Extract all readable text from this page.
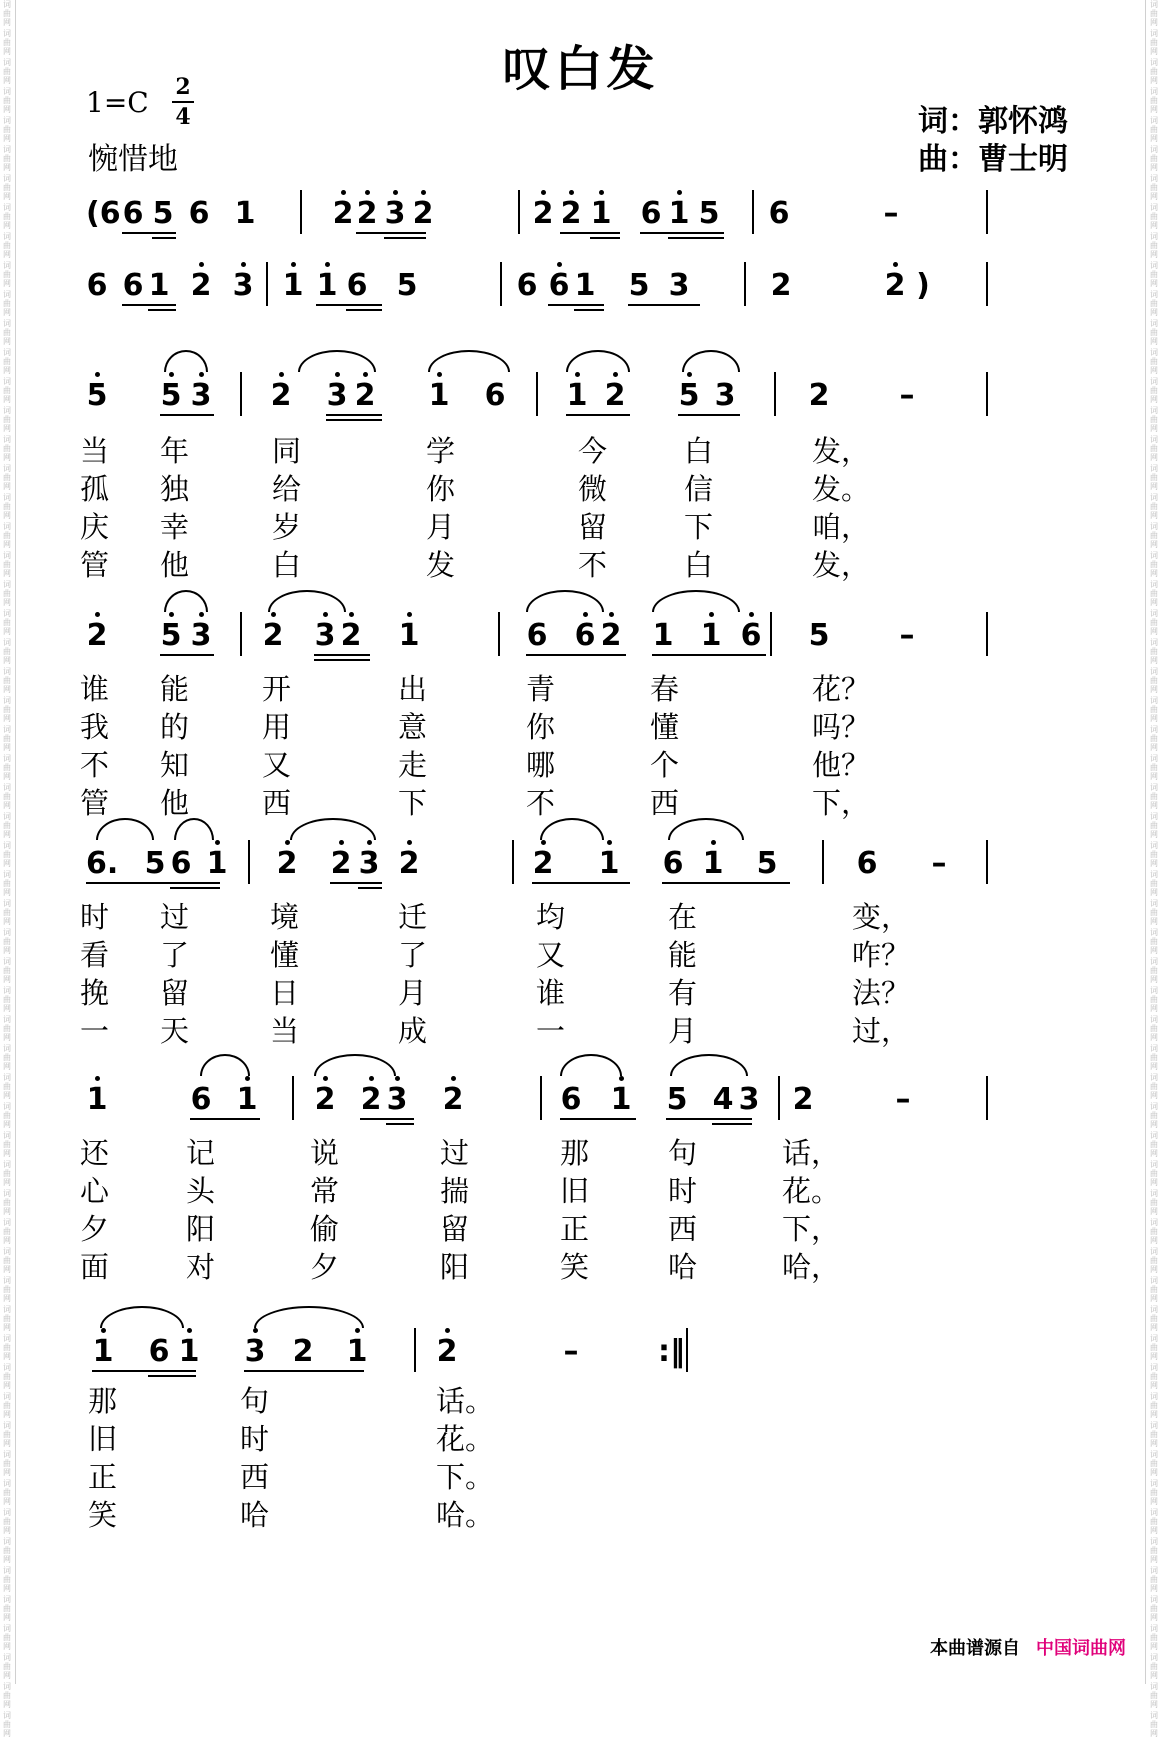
词曲网
词曲网
词曲网
词曲网
词曲网
词曲网
词曲网
词曲网
词曲网
词曲网
词曲网
词曲网
词曲网
词曲网
词曲网
词曲网
词曲网
词曲网
词曲网
词曲网
词曲网
词曲网
词曲网
词曲网
词曲网
词曲网
词曲网
词曲网
词曲网
词曲网
词曲网
词曲网
词曲网
词曲网
词曲网
词曲网
词曲网
词曲网
词曲网
词曲网
词曲网
词曲网
词曲网
词曲网
词曲网
词曲网
词曲网
词曲网
词曲网
词曲网
词曲网
词曲网
词曲网
词曲网
词曲网
词曲网
词曲网
词曲网
词曲网
词曲网
词曲网
词曲网
词曲网
词曲网
词曲网
词曲网
词曲网
词曲网
词曲网
词曲网
词曲网
词曲网
词曲网
词曲网
词曲网
词曲网
词曲网
词曲网
词曲网
词曲网
词曲网
词曲网
词曲网
词曲网
词曲网
词曲网
词曲网
词曲网
词曲网
词曲网
词曲网
词曲网
词曲网
词曲网
词曲网
词曲网
词曲网
词曲网
词曲网
词曲网
词曲网
词曲网
词曲网
词曲网
词曲网
词曲网
词曲网
词曲网
词曲网
词曲网
词曲网
词曲网
词曲网
词曲网
词曲网
词曲网
词曲网
词曲网
词曲网
词曲网
叹白发
1=C 2
4
惋惜地
词：郭怀鸿
曲：曹士明
(6 6 5 6 1	2 2 3 2	2 2 1 6 1 5 6	–
6 6 1 2 3 1 1 6 5	6 6 1 5 3	2	2 )
5 5 3 2 3 2 1 6 1 2 5 3 2 –
当 年	同	学	今	白	发，
孤 独	给	你	微	信	发。
庆 幸	岁	月	留	下	咱，
管 他	白	发	不	白	发，
2 5 3 2 3 2 1	6 6 2 1 1 6 5 –
谁 能	开	出	青	春	花？
我 的	用	意	你	懂	吗？
不 知	又	走	哪	个	他？
管 他	西	下	不	西	下，
6. 5 6 1 2 2 3 2	2 1 6 1 5	6 –
时 过	境	迁	均	在	变，
看 了	懂	了	又	能	咋？
挽 留	日	月	谁	有	法？
一 天	当	成	一	月	过，
1	6 1 2 2 3 2	6 1 5 4 3 2	–
还	记	说	过	那	句	话，
心	头	常	揣	旧	时	花。
夕	阳	偷	留	正	西	下，
面	对	夕	阳	笑	哈	哈，
1 6 1 3 2 1 2	–	:‖
那	句	话。
旧	时	花。
正	西	下。
笑	哈	哈。
本曲谱源自 中国词曲网
